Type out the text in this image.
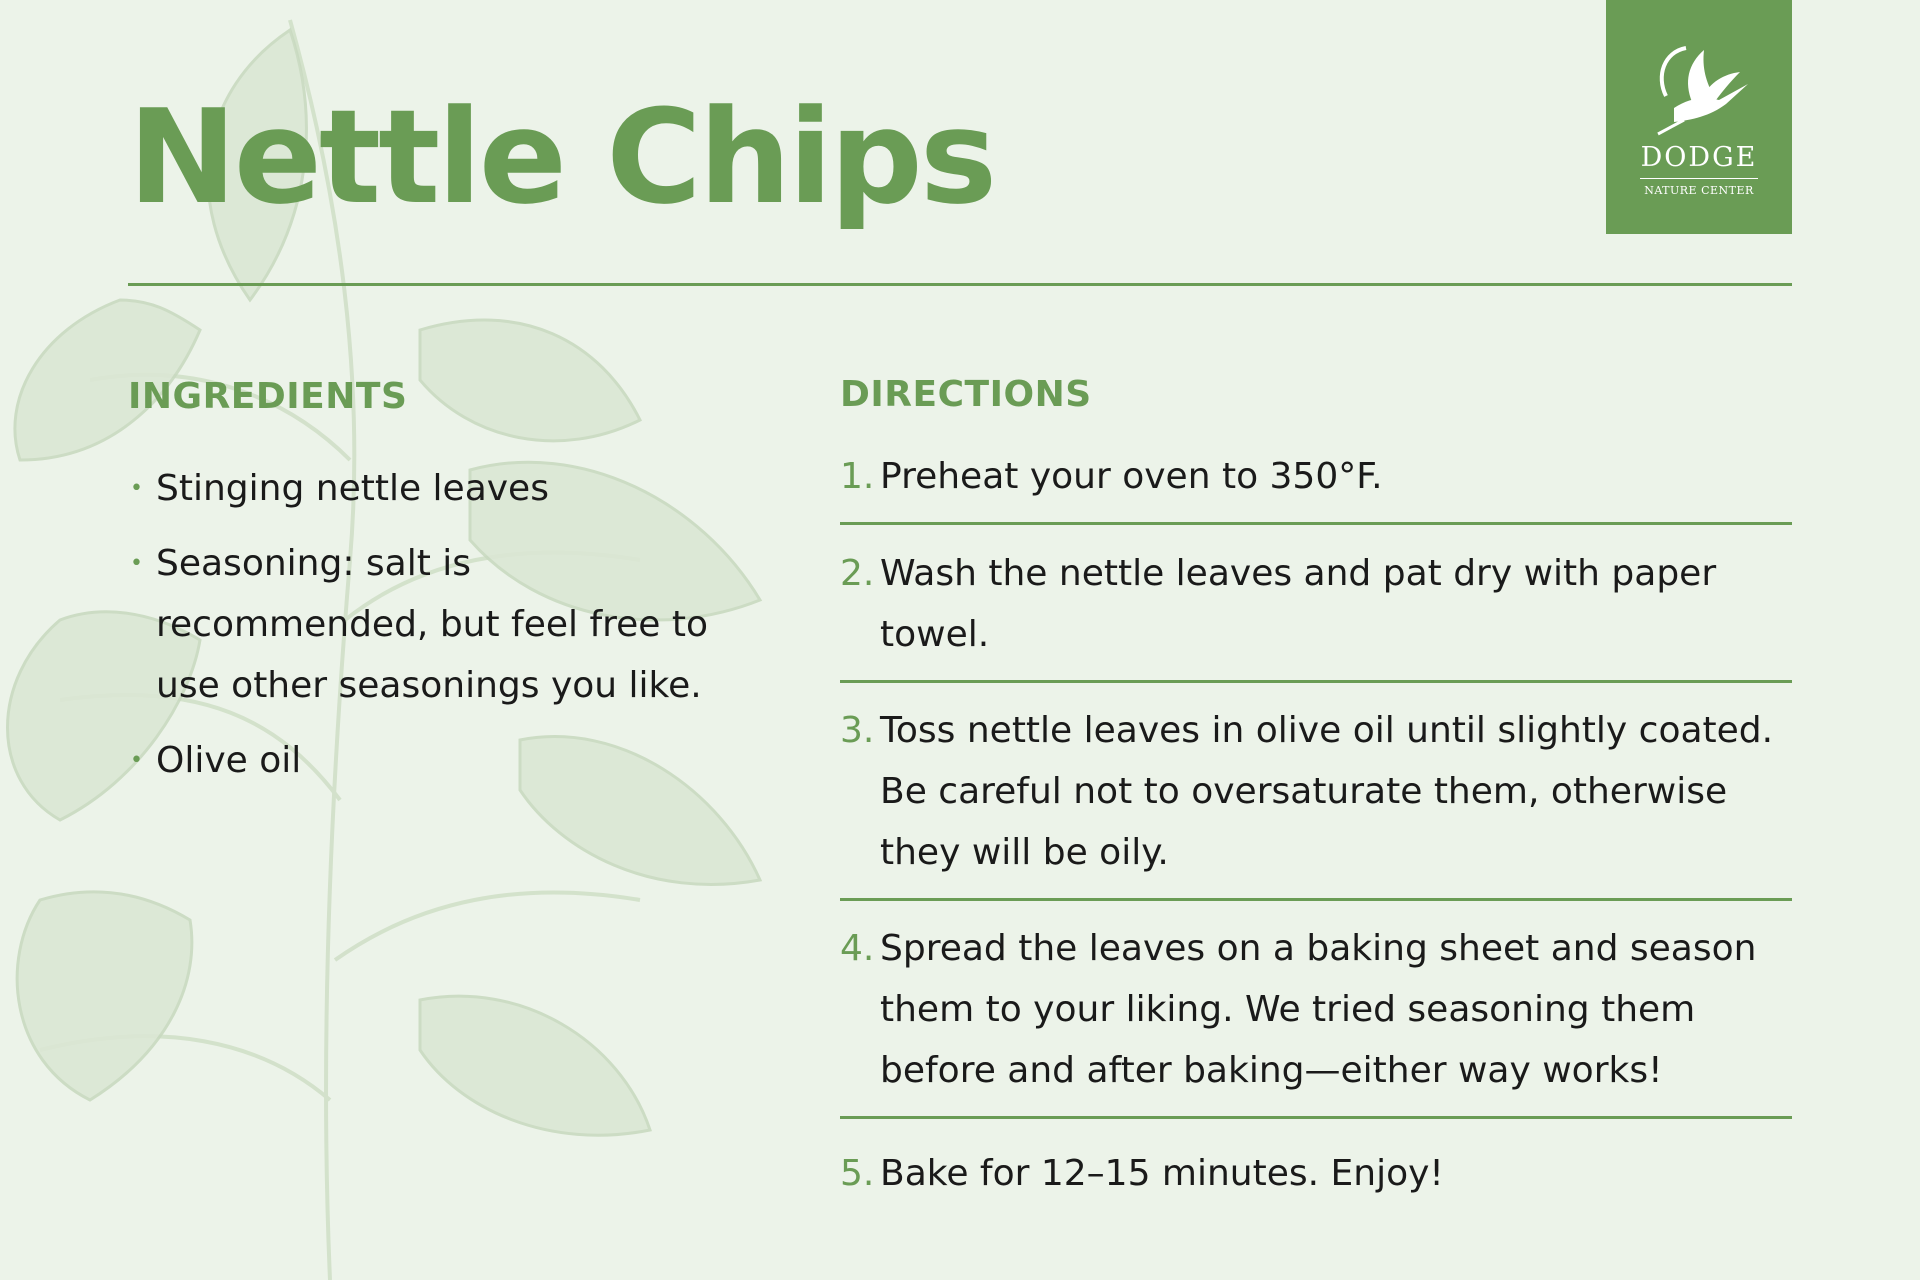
Nettle Chips	DODGE
NATURE CENTER
INGREDIENTS
• Stinging nettle leaves
• Seasoning: salt is recommended, but feel free to use other seasonings you like.
• Olive oil
DIRECTIONS
1. Preheat your oven to 350°F.
2. Wash the nettle leaves and pat dry with paper towel.
3. Toss nettle leaves in olive oil until slightly coated. Be careful not to oversaturate them, otherwise they will be oily.
4. Spread the leaves on a baking sheet and season them to your liking. We tried seasoning them before and after baking—either way works!
5. Bake for 12–15 minutes. Enjoy!
